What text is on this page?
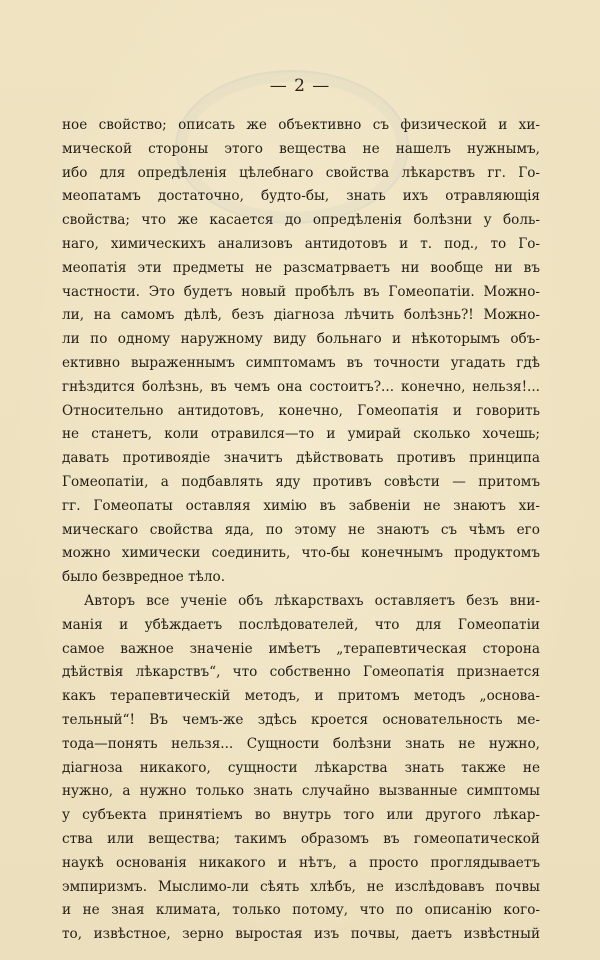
— 2 —
ное свойство; описать же объективно съ физической и хи-
мической стороны этого вещества не нашелъ нужнымъ,
ибо для опредѣленія цѣлебнаго свойства лѣкарствъ гг. Го-
меопатамъ достаточно, будто-бы, знать ихъ отравляющія
свойства; что же касается до опредѣленія болѣзни у боль-
наго, химическихъ анализовъ антидотовъ и т. под., то Го-
меопатія эти предметы не разсматрваетъ ни вообще ни въ
частности. Это будетъ новый пробѣлъ въ Гомеопатіи. Можно-
ли, на самомъ дѣлѣ, безъ діагноза лѣчить болѣзнь?! Можно-
ли по одному наружному виду больнаго и нѣкоторымъ объ-
ективно выраженнымъ симптомамъ въ точности угадать гдѣ
гнѣздится болѣзнь, въ чемъ она состоитъ?... конечно, нельзя!...
Относительно антидотовъ, конечно, Гомеопатія и говорить
не станетъ, коли отравился—то и умирай сколько хочешь;
давать противоядіе значитъ дѣйствовать противъ принципа
Гомеопатіи, а подбавлять яду противъ совѣсти — притомъ
гг. Гомеопаты оставляя химію въ забвеніи не знаютъ хи-
мическаго свойства яда, по этому не знаютъ съ чѣмъ его
можно химически соединить, что-бы конечнымъ продуктомъ
было безвредное тѣло.
Авторъ все ученіе объ лѣкарствахъ оставляетъ безъ вни-
манія и убѣждаетъ послѣдователей, что для Гомеопатіи
самое важное значеніе имѣетъ „терапевтическая сторона
дѣйствія лѣкарствъ“, что собственно Гомеопатія признается
какъ терапевтическій методъ, и притомъ методъ „основа-
тельный“! Въ чемъ-же здѣсь кроется основательность ме-
тода—понять нельзя... Сущности болѣзни знать не нужно,
діагноза никакого, сущности лѣкарства знать также не
нужно, а нужно только знать случайно вызванные симптомы
у субъекта принятіемъ во внутрь того или другого лѣкар-
ства или вещества; такимъ образомъ въ гомеопатической
наукѣ основанія никакого и нѣтъ, а просто проглядываетъ
эмпиризмъ. Мыслимо-ли сѣять хлѣбъ, не изслѣдовавъ почвы
и не зная климата, только потому, что по описанію кого-
то, извѣстное, зерно выростая изъ почвы, даетъ извѣстный
